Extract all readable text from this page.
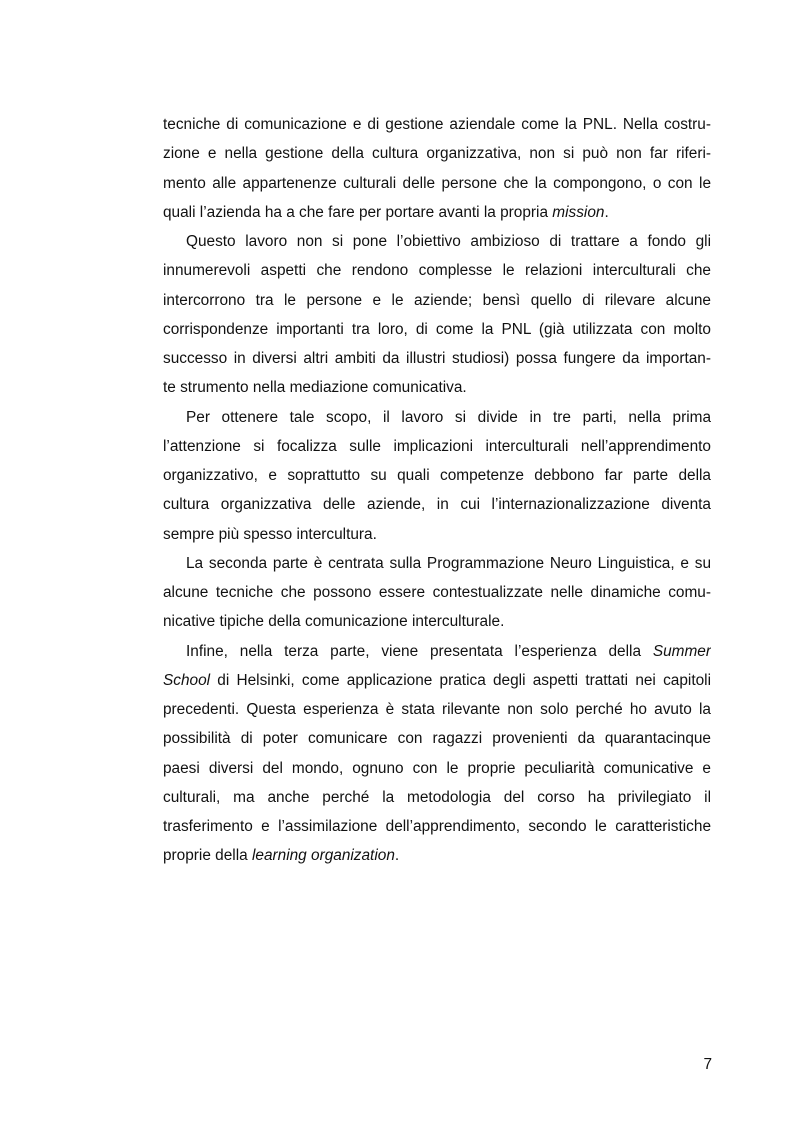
tecniche di comunicazione e di gestione aziendale come la PNL. Nella costru-
zione e nella gestione della cultura organizzativa, non si può non far riferi-
mento alle appartenenze culturali delle persone che la compongono, o con le
quali l’azienda ha a che fare per portare avanti la propria mission.
Questo lavoro non si pone l’obiettivo ambizioso di trattare a fondo gli
innumerevoli aspetti che rendono complesse le relazioni interculturali che
intercorrono tra le persone e le aziende; bensì quello di rilevare alcune
corrispondenze importanti tra loro, di come la PNL (già utilizzata con molto
successo in diversi altri ambiti da illustri studiosi) possa fungere da importan-
te strumento nella mediazione comunicativa.
Per ottenere tale scopo, il lavoro si divide in tre parti, nella prima
l’attenzione si focalizza sulle implicazioni interculturali nell’apprendimento
organizzativo, e soprattutto su quali competenze debbono far parte della
cultura organizzativa delle aziende, in cui l’internazionalizzazione diventa
sempre più spesso intercultura.
La seconda parte è centrata sulla Programmazione Neuro Linguistica, e su
alcune tecniche che possono essere contestualizzate nelle dinamiche comu-
nicative tipiche della comunicazione interculturale.
Infine, nella terza parte, viene presentata l’esperienza della Summer
School di Helsinki, come applicazione pratica degli aspetti trattati nei capitoli
precedenti. Questa esperienza è stata rilevante non solo perché ho avuto la
possibilità di poter comunicare con ragazzi provenienti da quarantacinque
paesi diversi del mondo, ognuno con le proprie peculiarità comunicative e
culturali, ma anche perché la metodologia del corso ha privilegiato il
trasferimento e l’assimilazione dell’apprendimento, secondo le caratteristiche
proprie della learning organization.
7
